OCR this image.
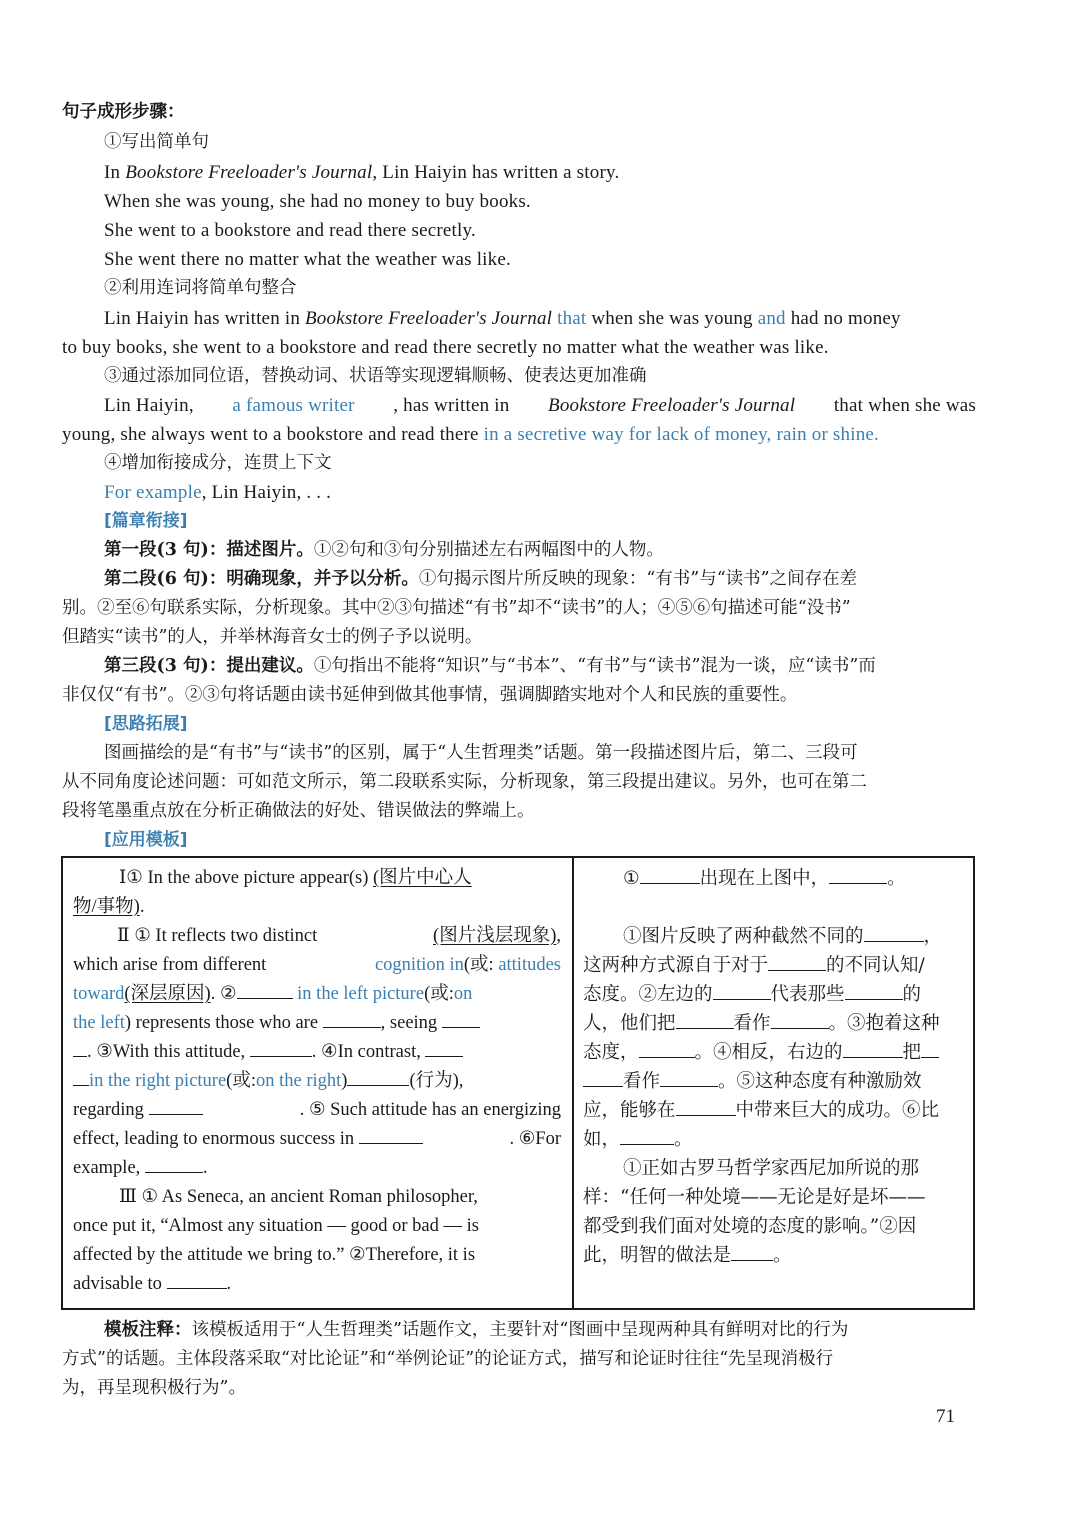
句子成形步骤：
①写出简单句
In Bookstore Freeloader's Journal, Lin Haiyin has written a story.
When she was young, she had no money to buy books.
She went to a bookstore and read there secretly.
She went there no matter what the weather was like.
②利用连词将简单句整合
Lin Haiyin has written in Bookstore Freeloader's Journal that when she was young and had no money
to buy books, she went to a bookstore and read there secretly no matter what the weather was like.
③通过添加同位语，替换动词、状语等实现逻辑顺畅、使表达更加准确
Lin Haiyin, a famous writer , has written in Bookstore Freeloader's Journal that when she was
young, she always went to a bookstore and read there in a secretive way for lack of money, rain or shine.
④增加衔接成分，连贯上下文
For example, Lin Haiyin, . . .
[篇章衔接]
第一段(3 句)：描述图片。①②句和③句分别描述左右两幅图中的人物。
第二段(6 句)：明确现象，并予以分析。①句揭示图片所反映的现象：“有书”与“读书”之间存在差
别。②至⑥句联系实际，分析现象。其中②③句描述“有书”却不“读书”的人；④⑤⑥句描述可能“没书”
但踏实“读书”的人，并举林海音女士的例子予以说明。
第三段(3 句)：提出建议。①句指出不能将“知识”与“书本”、“有书”与“读书”混为一谈，应“读书”而
非仅仅“有书”。②③句将话题由读书延伸到做其他事情，强调脚踏实地对个人和民族的重要性。
[思路拓展]
图画描绘的是“有书”与“读书”的区别，属于“人生哲理类”话题。第一段描述图片后，第二、三段可
从不同角度论述问题：可如范文所示，第二段联系实际，分析现象，第三段提出建议。另外，也可在第二
段将笔墨重点放在分析正确做法的好处、错误做法的弊端上。
[应用模板]
Ⅰ① In the above picture appear(s) (图片中心人
物/事物).
Ⅱ ① It reflects two distinct	(图片浅层现象),
which arise from different	cognition in(或: attitudes
toward(深层原因). ②	in the left picture(或:on
the left) represents those who are	, seeing
. ③With this attitude,	. ④In contrast,
in the right picture(或:on the right)	(行为),
regarding	. ⑤ Such attitude has an energizing
effect, leading to enormous success in	. ⑥For
example,	.
Ⅲ ① As Seneca, an ancient Roman philosopher,
once put it, “Almost any situation — good or bad — is
affected by the attitude we bring to.” ②Therefore, it is
advisable to	.
①	出现在上图中，	。
①图片反映了两种截然不同的	，
这两种方式源自于对于	的不同认知/
态度。②左边的	代表那些	的
人，他们把	看作	。③抱着这种
态度，	。④相反，右边的	把
看作	。⑤这种态度有种激励效
应，能够在	中带来巨大的成功。⑥比
如，	。
①正如古罗马哲学家西尼加所说的那
样：“任何一种处境——无论是好是坏——
都受到我们面对处境的态度的影响。”②因
此，明智的做法是 。
模板注释：该模板适用于“人生哲理类”话题作文，主要针对“图画中呈现两种具有鲜明对比的行为
方式”的话题。主体段落采取“对比论证”和“举例论证”的论证方式，描写和论证时往往“先呈现消极行
为，再呈现积极行为”。
71
